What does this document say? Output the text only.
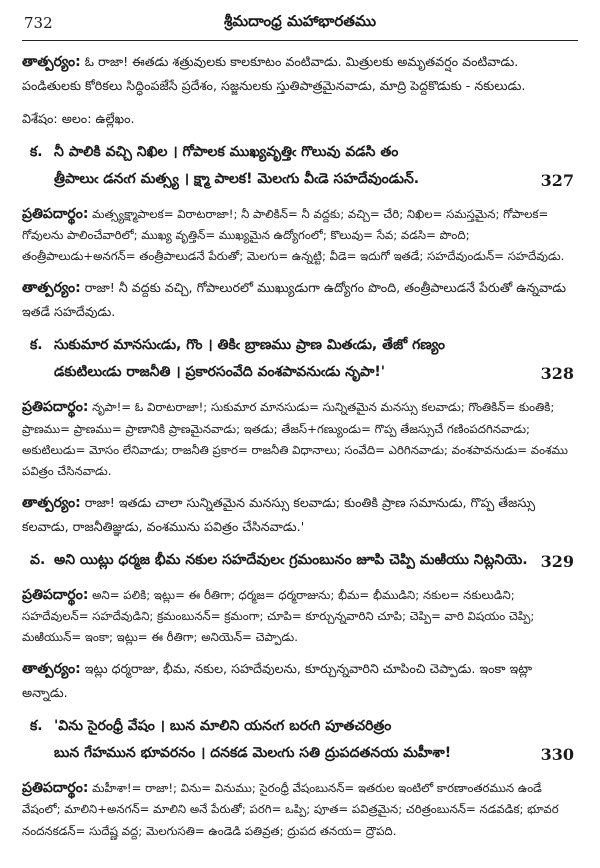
732	శ్రీమదాంధ్ర మహాభారతము

తాత్పర్యం: ఓ రాజా! ఈతడు శత్రువులకు కాలకూటం వంటివాడు. మిత్రులకు అమృతవర్షం వంటివాడు. పండితులకు కోరికలు సిద్ధింపజేసే ప్రదేశం, సజ్జనులకు స్తుతిపాత్రమైనవాడు, మాద్రి పెద్దకొడుకు - నకులుడు.

విశేషం: అలం: ఉల్లేఖం.

క. నీ పాలికి వచ్చి నిఖిల । గోపాలక ముఖ్యవృత్తిఁ గొలువు వడసి తం
త్రీపాలుఁ డనఁగ మత్స్య । క్ష్మా పాలక! మెలఁగు వీఁడె సహదేవుండున్.	327

ప్రతిపదార్థం: మత్స్యక్ష్మాపాలక= విరాటరాజా!; నీ పాలికిన్= నీ వద్దకు; వచ్చి= చేరి; నిఖిల= సమస్తమైన; గోపాలక= గోవులను పాలించేవారిలో; ముఖ్య వృత్తిన్= ముఖ్యమైన ఉద్యోగంలో; కొలువు= సేవ; వడసి= పొంది; తంత్రీపాలుడు+అనగన్= తంత్రీపాలుడనే పేరుతో; మెలగు= ఉన్నట్టి; వీడె= ఇదుగో ఇతడే; సహదేవుండున్= సహదేవుడు.

తాత్పర్యం: రాజా! నీ వద్దకు వచ్చి, గోపాలురలో ముఖ్యుడుగా ఉద్యోగం పొంది, తంత్రీపాలుడనే పేరుతో ఉన్నవాడు ఇతడే సహదేవుడు.

క. సుకుమార మానసుఁడు, గొం । తికిఁ బ్రాణము ప్రాణ మితఁడు, తేజో గణ్యం
డకుటిలుఁడు రాజనీతి । ప్రకారసంవేది వంశపావనుఁడు నృపా!'	328

ప్రతిపదార్థం: నృపా!= ఓ విరాటరాజా!; సుకుమార మానసుడు= సున్నితమైన మనస్సు కలవాడు; గొంతికిన్= కుంతికి; ప్రాణము= ప్రాణము= ప్రాణానికి ప్రాణమైనవాడు; ఇతడు; తేజస్+గణ్యుండు= గొప్ప తేజస్సుచే గణింపదగినవాడు; అకుటిలుడు= మోసం లేనివాడు; రాజనీతి ప్రకార= రాజనీతి విధానాలు; సంవేది= ఎరిగినవాడు; వంశపావనుడు= వంశము పవిత్రం చేసినవాడు.

తాత్పర్యం: రాజా! ఇతడు చాలా సున్నితమైన మనస్సు కలవాడు; కుంతికి ప్రాణ సమానుడు, గొప్ప తేజస్సు కలవాడు, రాజనీతిజ్ఞుడు, వంశమును పవిత్రం చేసినవాడు.'

వ. అని యిట్లు ధర్మజ భీమ నకుల సహదేవులఁ గ్రమంబునం జూపి చెప్పి మఱియు నిట్లనియె. 329

ప్రతిపదార్థం: అని= పలికి; ఇట్లు= ఈ రీతిగా; ధర్మజ= ధర్మరాజును; భీమ= భీముడిని; నకుల= నకులుడిని; సహదేవులన్= సహదేవుడిని; క్రమంబునన్= క్రమంగా; చూపి= కూర్చున్నవారిని చూపి; చెప్పి= వారి విషయం చెప్పి; మఱియున్= ఇంకా; ఇట్లు= ఈ రీతిగా; అనియెన్= చెప్పాడు.

తాత్పర్యం: ఇట్లు ధర్మరాజు, భీమ, నకుల, సహదేవులను, కూర్చున్నవారిని చూపించి చెప్పాడు. ఇంకా ఇట్లా అన్నాడు.

క. 'విను సైరంధ్రీ వేషం । బున మాలిని యనఁగ బరఁగి పూతచరిత్రం
బున గేహమున భూవరనం । దనకడ మెలఁగు సతి ద్రుపదతనయ మహీశా!	330

ప్రతిపదార్థం: మహీశా!= రాజా!; విను= వినుము; సైరంధ్రీ వేషంబునన్= ఇతరుల ఇంటిలో కారణాంతరమున ఉండే వేషంలో; మాలిని+అనగన్= మాలిని అనే పేరుతో; పరగి= ఒప్పి; పూత= పవిత్రమైన; చరిత్రంబునన్= నడవడిక; భూవర నందనకడన్= సుదేష్ణ వద్ద; మెలగుసతి= ఉండెడి పతివ్రత; ద్రుపద తనయ= ద్రౌపది.
